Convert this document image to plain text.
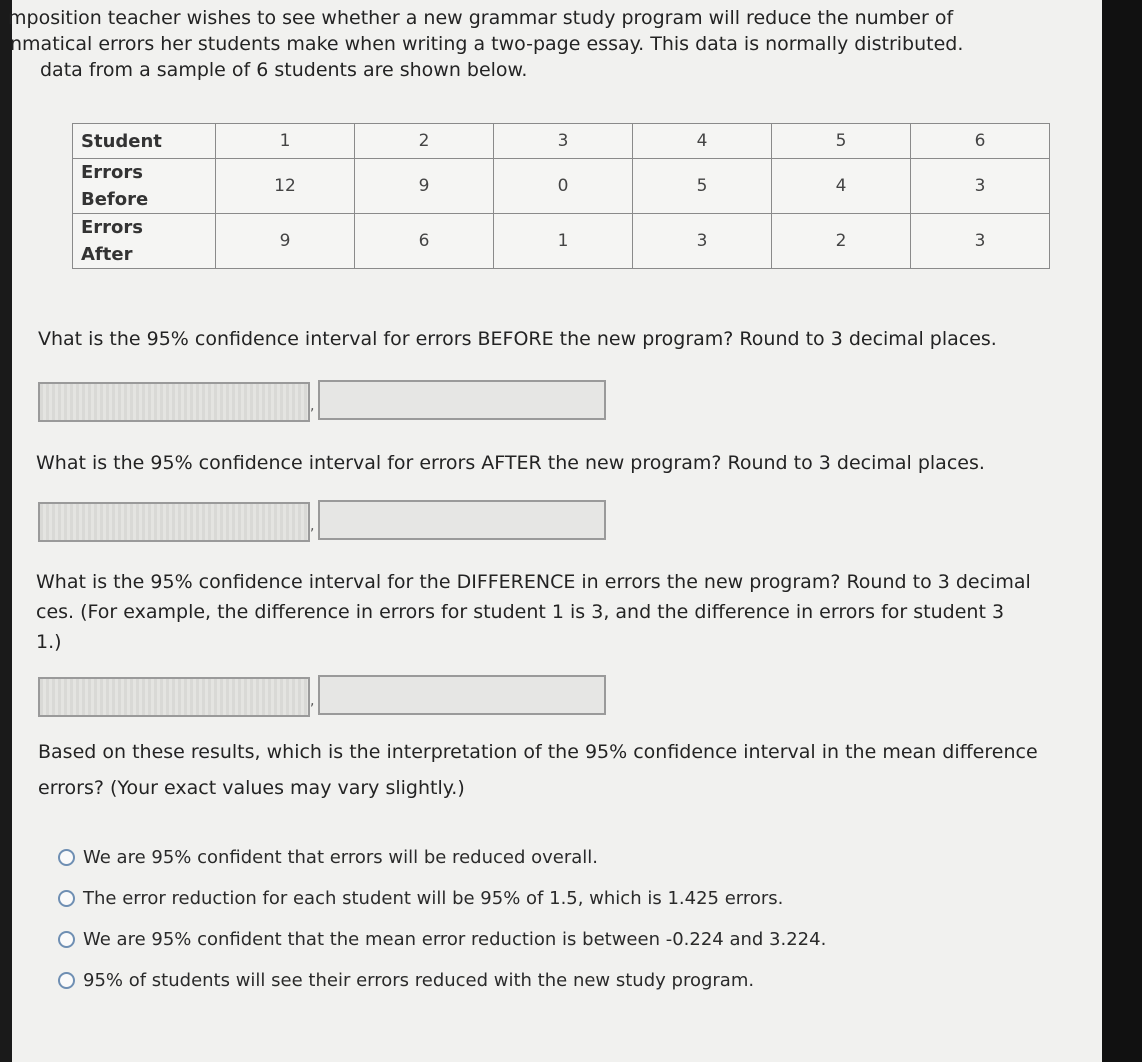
mposition teacher wishes to see whether a new grammar study program will reduce the number of
nmatical errors her students make when writing a two-page essay. This data is normally distributed.
data from a sample of 6 students are shown below.
Student	1	2	3	4	5	6
Errors
Before	12	9	0	5	4	3
Errors
After	9	6	1	3	2	3
Vhat is the 95% confidence interval for errors BEFORE the new program? Round to 3 decimal places.
,
What is the 95% confidence interval for errors AFTER the new program? Round to 3 decimal places.
,
What is the 95% confidence interval for the DIFFERENCE in errors the new program? Round to 3 decimal
ces. (For example, the difference in errors for student 1 is 3, and the difference in errors for student 3
1.)
,
Based on these results, which is the interpretation of the 95% confidence interval in the mean difference
errors? (Your exact values may vary slightly.)
We are 95% confident that errors will be reduced overall.
The error reduction for each student will be 95% of 1.5, which is 1.425 errors.
We are 95% confident that the mean error reduction is between -0.224 and 3.224.
95% of students will see their errors reduced with the new study program.
